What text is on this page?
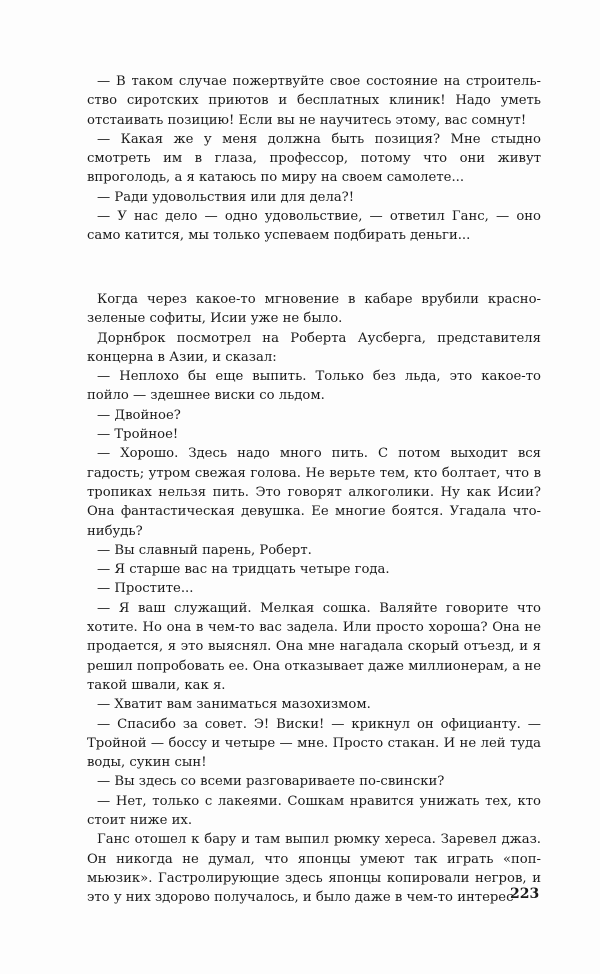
— В таком случае пожертвуйте свое состояние на строительство сиротских приютов и бесплатных клиник! Надо уметь отстаивать позицию! Если вы не научитесь этому, вас сомнут!

— Какая же у меня должна быть позиция? Мне стыдно смотреть им в глаза, профессор, потому что они живут впроголодь, а я катаюсь по миру на своем самолете...

— Ради удовольствия или для дела?!

— У нас дело — одно удовольствие, — ответил Ганс, — оно само катится, мы только успеваем подбирать деньги...

Когда через какое-то мгновение в кабаре врубили красно-зеленые софиты, Исии уже не было.

Дорнброк посмотрел на Роберта Аусберга, представителя концерна в Азии, и сказал:

— Неплохо бы еще выпить. Только без льда, это какое-то пойло — здешнее виски со льдом.

— Двойное?

— Тройное!

— Хорошо. Здесь надо много пить. С потом выходит вся гадость; утром свежая голова. Не верьте тем, кто болтает, что в тропиках нельзя пить. Это говорят алкоголики. Ну как Исии? Она фантастическая девушка. Ее многие боятся. Угадала что-нибудь?

— Вы славный парень, Роберт.

— Я старше вас на тридцать четыре года.

— Простите...

— Я ваш служащий. Мелкая сошка. Валяйте говорите что хотите. Но она в чем-то вас задела. Или просто хороша? Она не продается, я это выяснял. Она мне нагадала скорый отъезд, и я решил попробовать ее. Она отказывает даже миллионерам, а не такой швали, как я.

— Хватит вам заниматься мазохизмом.

— Спасибо за совет. Э! Виски! — крикнул он официанту. — Тройной — боссу и четыре — мне. Просто стакан. И не лей туда воды, сукин сын!

— Вы здесь со всеми разговариваете по-свински?

— Нет, только с лакеями. Сошкам нравится унижать тех, кто стоит ниже их.

Ганс отошел к бару и там выпил рюмку хереса. Заревел джаз. Он никогда не думал, что японцы умеют так играть «поп-мьюзик». Гастролирующие здесь японцы копировали негров, и это у них здорово получалось, и было даже в чем-то интерес-

223
